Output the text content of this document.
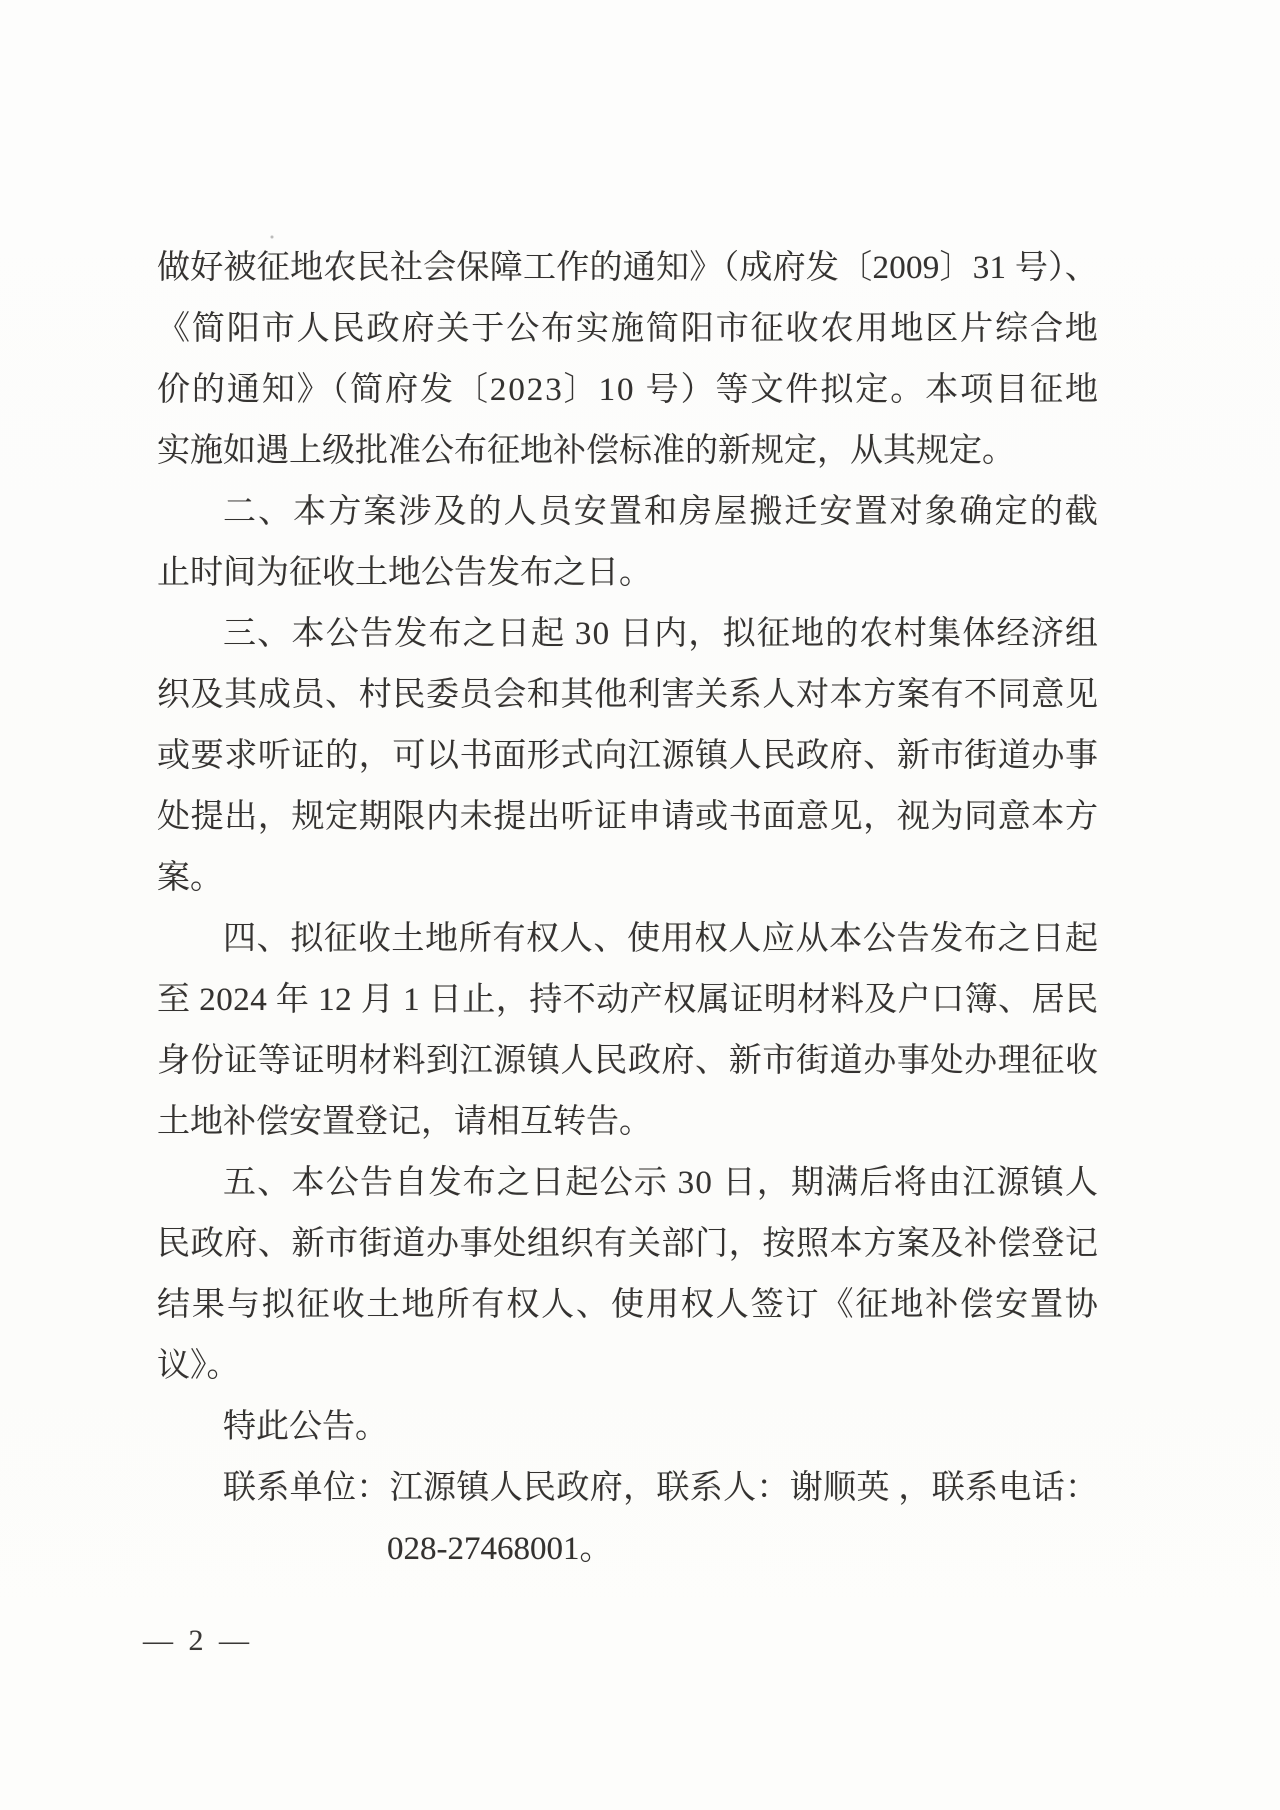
做好被征地农民社会保障工作的通知》（成府发〔2009〕31 号）、
《简阳市人民政府关于公布实施简阳市征收农用地区片综合地
价的通知》（简府发〔2023〕10 号）等文件拟定。本项目征地
实施如遇上级批准公布征地补偿标准的新规定，从其规定。
二、本方案涉及的人员安置和房屋搬迁安置对象确定的截
止时间为征收土地公告发布之日。
三、本公告发布之日起 30 日内，拟征地的农村集体经济组
织及其成员、村民委员会和其他利害关系人对本方案有不同意见
或要求听证的，可以书面形式向江源镇人民政府、新市街道办事
处提出，规定期限内未提出听证申请或书面意见，视为同意本方
案。
四、拟征收土地所有权人、使用权人应从本公告发布之日起
至 2024 年 12 月 1 日止，持不动产权属证明材料及户口簿、居民
身份证等证明材料到江源镇人民政府、新市街道办事处办理征收
土地补偿安置登记，请相互转告。
五、本公告自发布之日起公示 30 日，期满后将由江源镇人
民政府、新市街道办事处组织有关部门，按照本方案及补偿登记
结果与拟征收土地所有权人、使用权人签订《征地补偿安置协
议》。
特此公告。
联系单位：江源镇人民政府，联系人：谢顺英 ，联系电话：
028-27468001。
— 2 —
